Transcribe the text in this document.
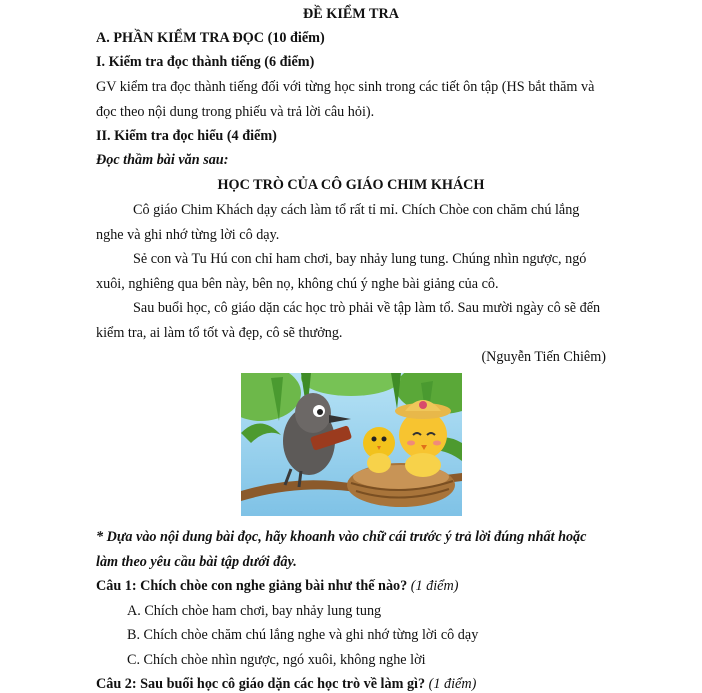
ĐỀ KIỂM TRA
A. PHẦN KIỂM TRA ĐỌC (10 điểm)
I. Kiểm tra đọc thành tiếng (6 điểm)
GV kiểm tra đọc thành tiếng đối với từng học sinh trong các tiết ôn tập (HS bắt thăm và
đọc theo nội dung trong phiếu và trả lời câu hỏi).
II. Kiểm tra đọc hiểu (4 điểm)
Đọc thầm bài văn sau:
HỌC TRÒ CỦA CÔ GIÁO CHIM KHÁCH
Cô giáo Chim Khách dạy cách làm tổ rất tỉ mỉ. Chích Chòe con chăm chú lắng
nghe và ghi nhớ từng lời cô dạy.
Sẻ con và Tu Hú con chỉ ham chơi, bay nhảy lung tung. Chúng nhìn ngược, ngó
xuôi, nghiêng qua bên này, bên nọ, không chú ý nghe bài giảng của cô.
Sau buổi học, cô giáo dặn các học trò phải về tập làm tổ. Sau mười ngày cô sẽ đến
kiểm tra, ai làm tổ tốt và đẹp, cô sẽ thưởng.
(Nguyễn Tiến Chiêm)
* Dựa vào nội dung bài đọc, hãy khoanh vào chữ cái trước ý trả lời đúng nhất hoặc
làm theo yêu cầu bài tập dưới đây.
Câu 1: Chích chòe con nghe giảng bài như thế nào? (1 điểm)
A. Chích chòe ham chơi, bay nhảy lung tung
B. Chích chòe chăm chú lắng nghe và ghi nhớ từng lời cô dạy
C. Chích chòe nhìn ngược, ngó xuôi, không nghe lời
Câu 2: Sau buổi học cô giáo dặn các học trò về làm gì? (1 điểm)
